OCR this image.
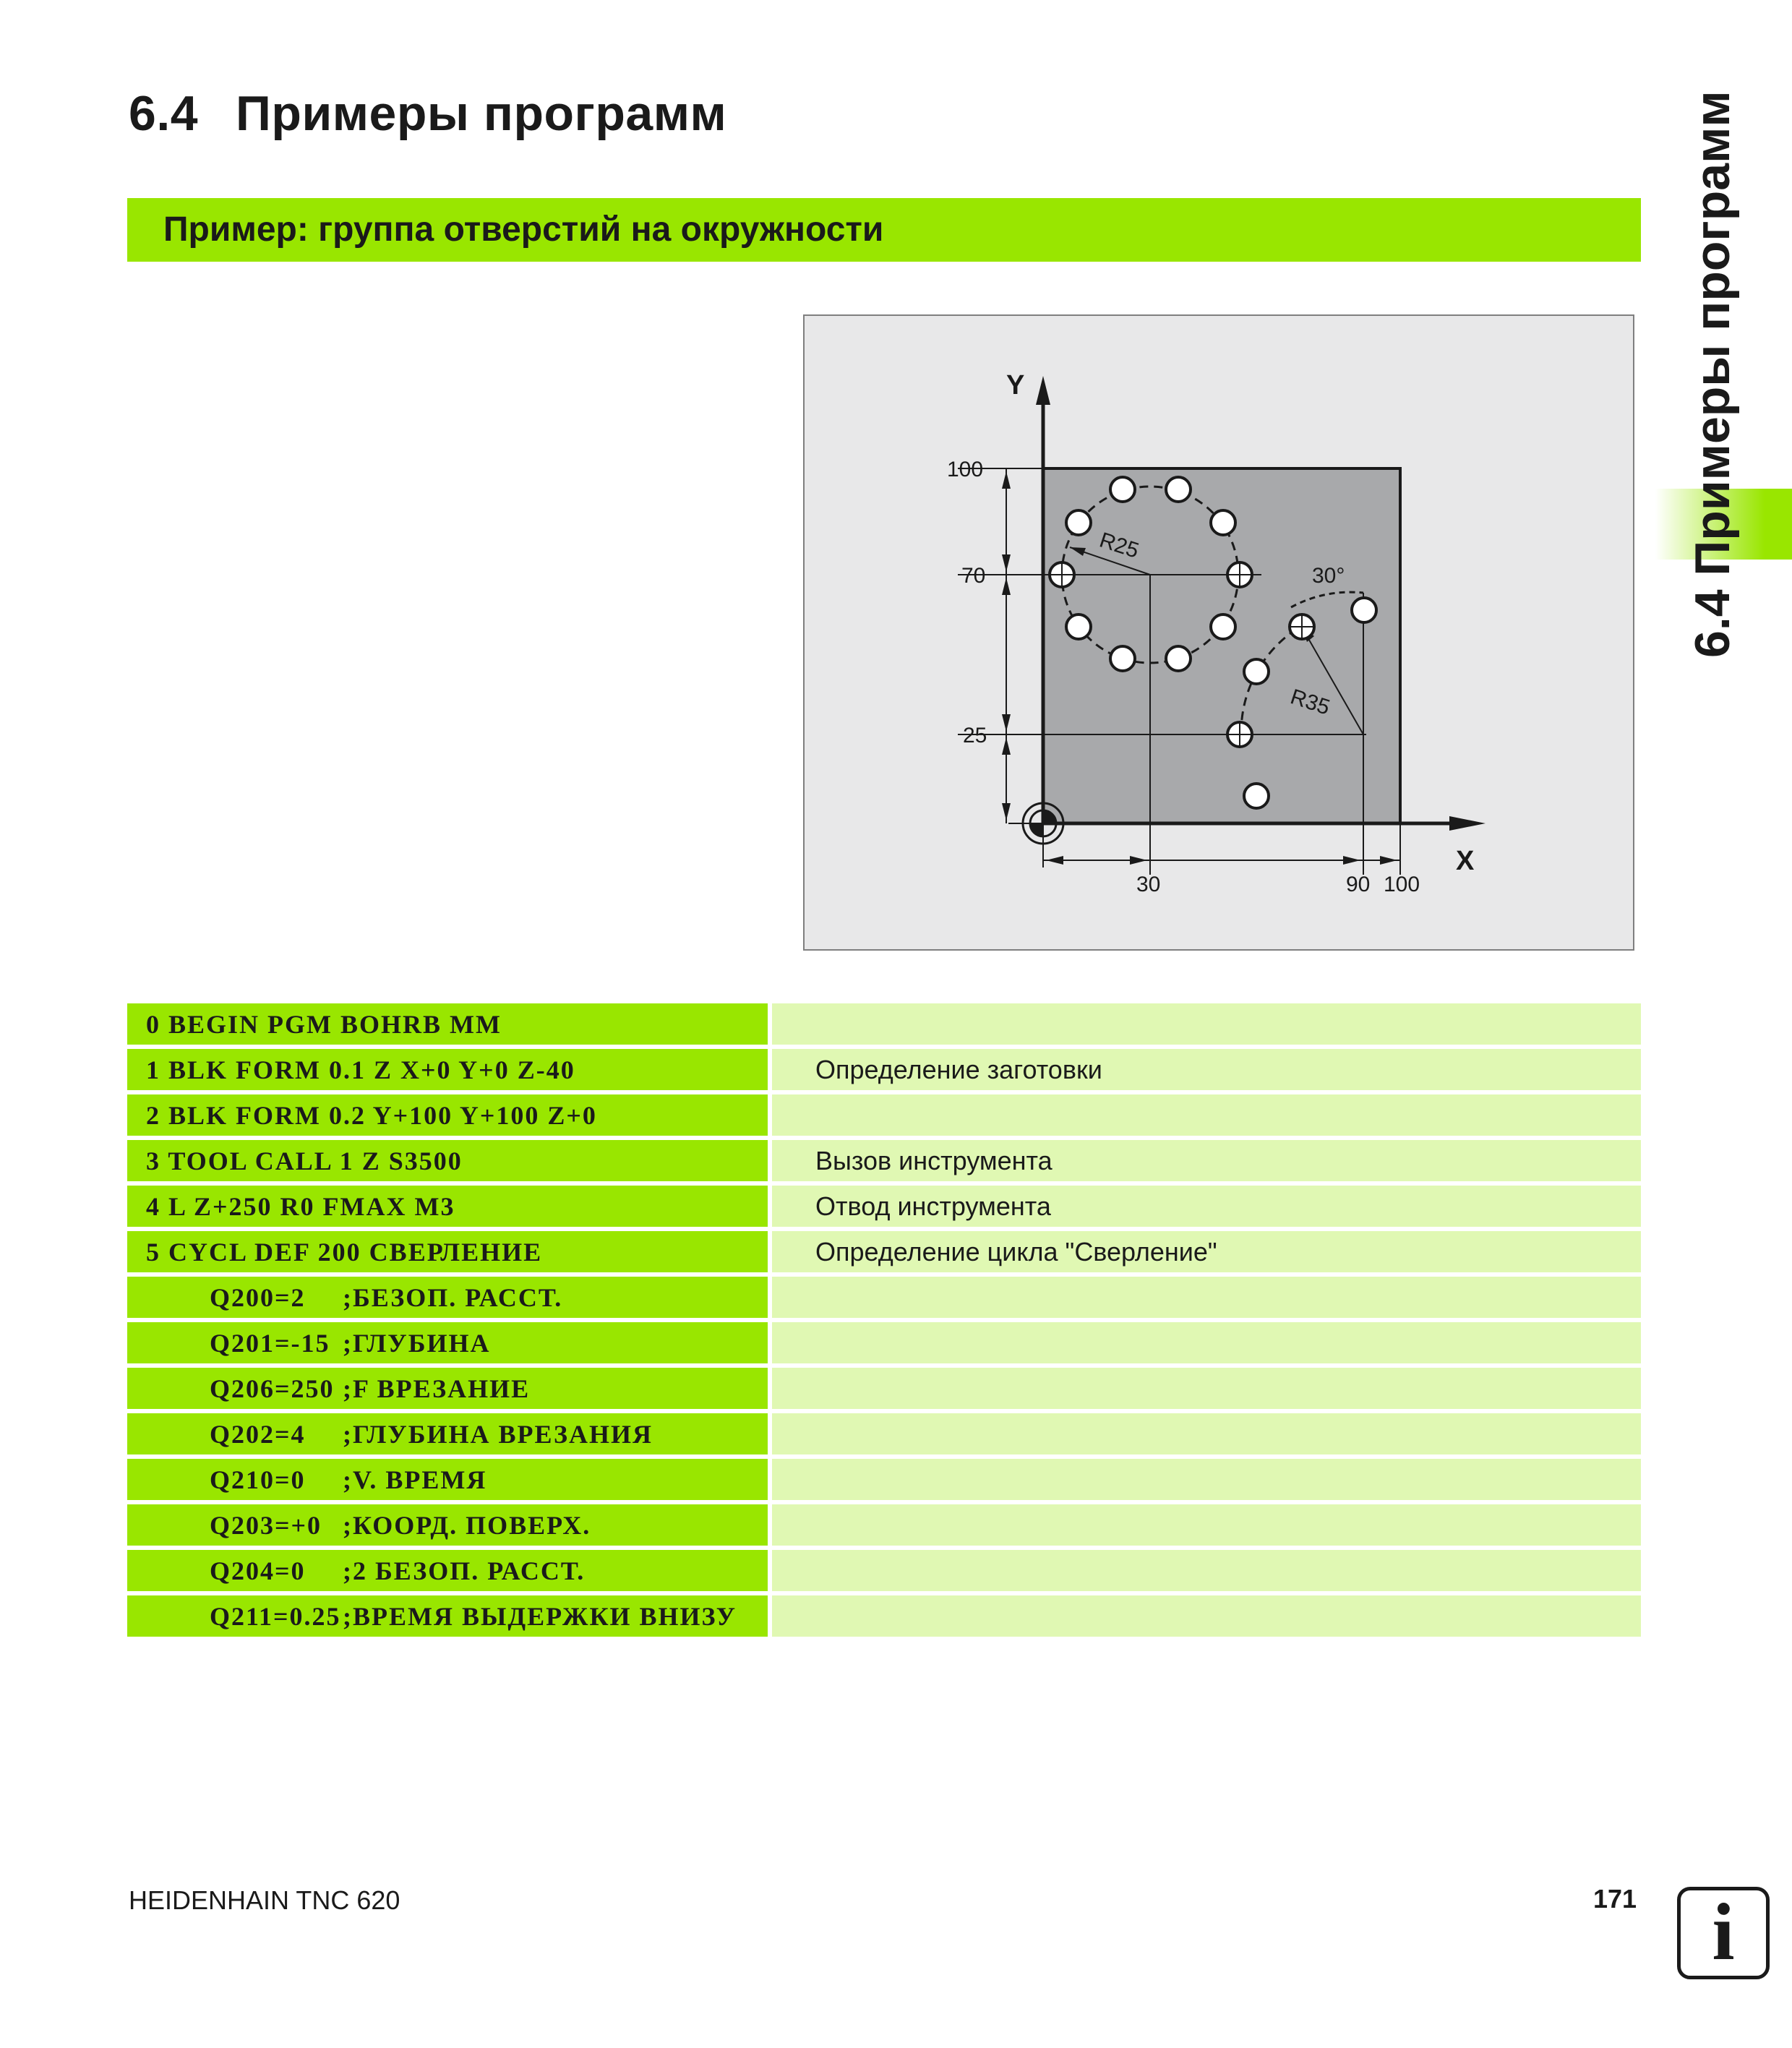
6.4 Примеры программ
Пример: группа отверстий на окружности	6.4 Примеры программ
Y
X
100
70
25
30	90 100
R25
R35
30°
0 BEGIN PGM BOHRB MM	
1 BLK FORM 0.1 Z X+0 Y+0 Z-40	Определение заготовки
2 BLK FORM 0.2 Y+100 Y+100 Z+0	
3 TOOL CALL 1 Z S3500	Вызов инструмента
4 L Z+250 R0 FMAX M3	Отвод инструмента
5 CYCL DEF 200 СВЕРЛЕНИЕ	Определение цикла "Сверление"
Q200=2 ;БЕЗОП. РАССТ.	
Q201=-15 ;ГЛУБИНА	
Q206=250 ;F ВРЕЗАНИЕ	
Q202=4 ;ГЛУБИНА ВРЕЗАНИЯ	
Q210=0 ;V. ВРЕМЯ	
Q203=+0 ;КООРД. ПОВЕРХ.	
Q204=0 ;2 БЕЗОП. РАССТ.	
Q211=0.25;ВРЕМЯ ВЫДЕРЖКИ ВНИЗУ	
HEIDENHAIN TNC 620	171 i
